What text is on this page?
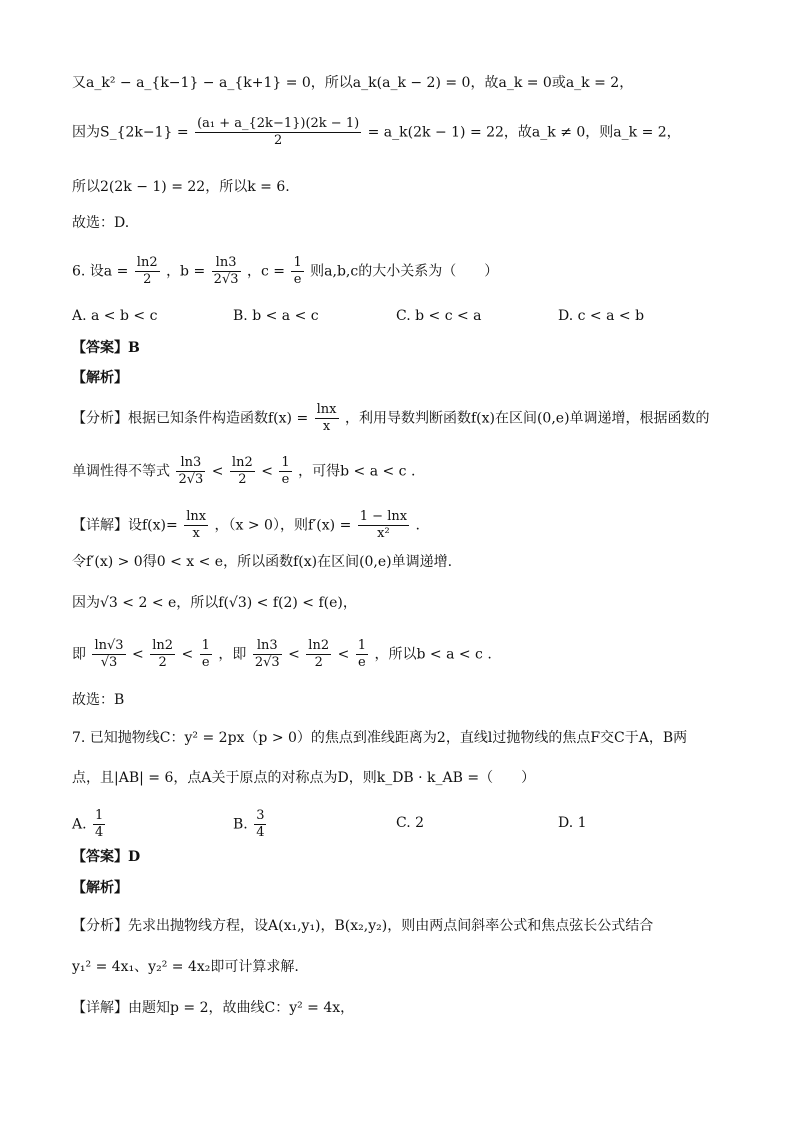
又a_k² − a_{k−1} − a_{k+1} = 0，所以a_k(a_k − 2) = 0，故a_k = 0或a_k = 2，
因为S_{2k−1} = $\frac{\text{(a₁ + a\_\{2k−1\})(2k − 1)}}{2}$ = a_k(2k − 1) = 22，故a_k ≠ 0，则a_k = 2，
所以2(2k − 1) = 22，所以k = 6.
故选：D.
6. 设$a = \frac{\ln 2}{2}$ ，$b = \frac{\ln 3}{2√3}$ ，$c = \frac{1}{e}$ 则a,b,c的大小关系为（　　）
A. a < b < c	B. b < a < c	C. b < c < a	D. c < a < b
【答案】B
【解析】
【分析】根据已知条件构造函数$f(x) = \frac{\ln x}{x}$ ，利用导数判断函数f(x)在区间(0,e)单调递增，根据函数的
单调性得不等式 $\frac{\ln 3}{2√3} < \frac{\ln 2}{2} < \frac{1}{e}$ ，可得b < a < c .
【详解】设$f(x)= \frac{\ln x}{x}$ ，（x > 0），则$f'(x) = \frac{1 - \ln x}{\text{x²}}$ .
令f′(x) > 0得0 < x < e，所以函数f(x)在区间(0,e)单调递增.
因为√3 < 2 < e，所以f(√3) < f(2) < f(e)，
即 $\frac{\ln√3}{√3} < \frac{\ln 2}{2} < \frac{1}{e}$ ，即 $\frac{\ln 3}{2√3} < \frac{\ln 2}{2} < \frac{1}{e}$ ，所以b < a < c .
故选：B
7. 已知抛物线C：y² = 2px（p > 0）的焦点到准线距离为2，直线l过抛物线的焦点F交C于A，B两
点，且|AB| = 6，点A关于原点的对称点为D，则k_DB · k_AB =（　　）
A. $\frac{1}{4}$	B. $\frac{3}{4}$	C. 2	D. 1
【答案】D
【解析】
【分析】先求出抛物线方程，设A(x₁,y₁)，B(x₂,y₂)，则由两点间斜率公式和焦点弦长公式结合
y₁² = 4x₁、y₂² = 4x₂即可计算求解.
【详解】由题知p = 2，故曲线C：y² = 4x，
